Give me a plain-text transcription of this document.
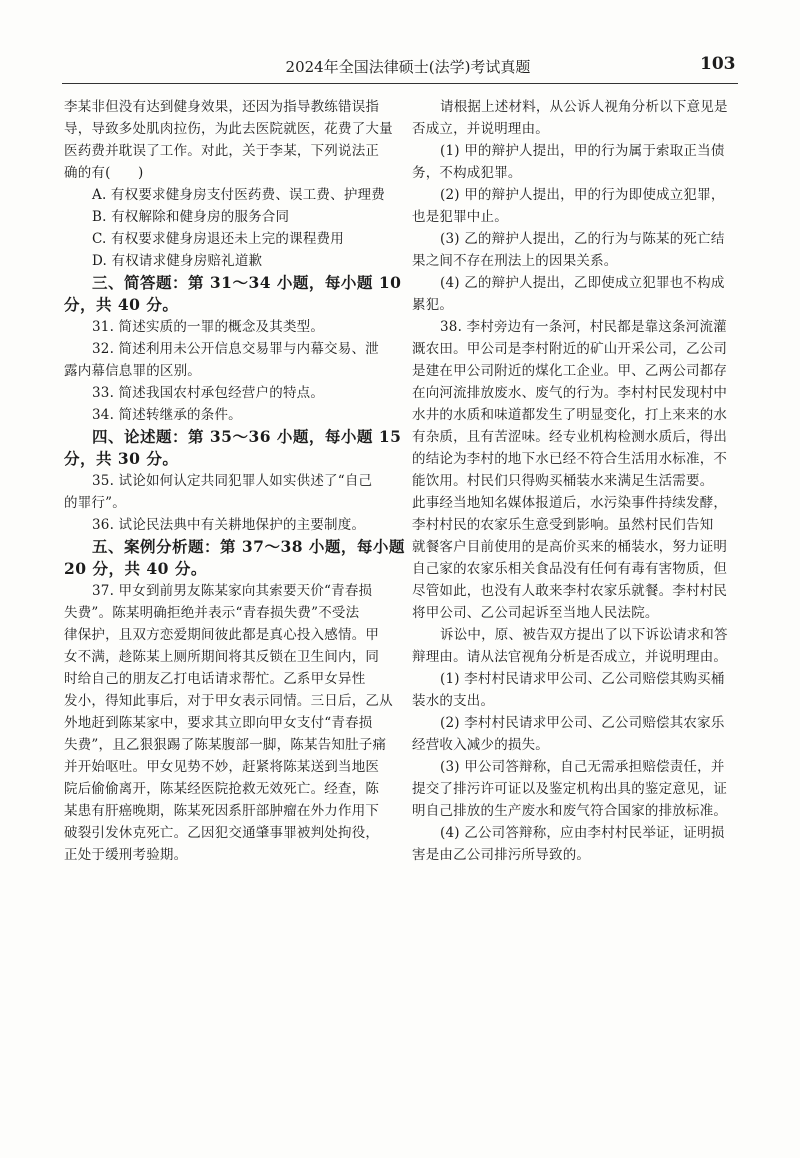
2024年全国法律硕士(法学)考试真题	103
李某非但没有达到健身效果，还因为指导教练错误指
导，导致多处肌肉拉伤，为此去医院就医，花费了大量
医药费并耽误了工作。对此，关于李某，下列说法正
确的有(　　)
A. 有权要求健身房支付医药费、误工费、护理费
B. 有权解除和健身房的服务合同
C. 有权要求健身房退还未上完的课程费用
D. 有权请求健身房赔礼道歉
三、简答题：第 31～34 小题，每小题 10
分，共 40 分。
31. 简述实质的一罪的概念及其类型。
32. 简述利用未公开信息交易罪与内幕交易、泄
露内幕信息罪的区别。
33. 简述我国农村承包经营户的特点。
34. 简述转继承的条件。
四、论述题：第 35～36 小题，每小题 15
分，共 30 分。
35. 试论如何认定共同犯罪人如实供述了“自己
的罪行”。
36. 试论民法典中有关耕地保护的主要制度。
五、案例分析题：第 37～38 小题，每小题
20 分，共 40 分。
37. 甲女到前男友陈某家向其索要天价“青春损
失费”。陈某明确拒绝并表示“青春损失费”不受法
律保护，且双方恋爱期间彼此都是真心投入感情。甲
女不满，趁陈某上厕所期间将其反锁在卫生间内，同
时给自己的朋友乙打电话请求帮忙。乙系甲女异性
发小，得知此事后，对于甲女表示同情。三日后，乙从
外地赶到陈某家中，要求其立即向甲女支付“青春损
失费”，且乙狠狠踢了陈某腹部一脚，陈某告知肚子痛
并开始呕吐。甲女见势不妙，赶紧将陈某送到当地医
院后偷偷离开，陈某经医院抢救无效死亡。经查，陈
某患有肝癌晚期，陈某死因系肝部肿瘤在外力作用下
破裂引发休克死亡。乙因犯交通肇事罪被判处拘役，
正处于缓刑考验期。
请根据上述材料，从公诉人视角分析以下意见是
否成立，并说明理由。
(1) 甲的辩护人提出，甲的行为属于索取正当债
务，不构成犯罪。
(2) 甲的辩护人提出，甲的行为即使成立犯罪，
也是犯罪中止。
(3) 乙的辩护人提出，乙的行为与陈某的死亡结
果之间不存在刑法上的因果关系。
(4) 乙的辩护人提出，乙即使成立犯罪也不构成
累犯。
38. 李村旁边有一条河，村民都是靠这条河流灌
溉农田。甲公司是李村附近的矿山开采公司，乙公司
是建在甲公司附近的煤化工企业。甲、乙两公司都存
在向河流排放废水、废气的行为。李村村民发现村中
水井的水质和味道都发生了明显变化，打上来来的水
有杂质，且有苦涩味。经专业机构检测水质后，得出
的结论为李村的地下水已经不符合生活用水标准，不
能饮用。村民们只得购买桶装水来满足生活需要。
此事经当地知名媒体报道后，水污染事件持续发酵，
李村村民的农家乐生意受到影响。虽然村民们告知
就餐客户目前使用的是高价买来的桶装水，努力证明
自己家的农家乐相关食品没有任何有毒有害物质，但
尽管如此，也没有人敢来李村农家乐就餐。李村村民
将甲公司、乙公司起诉至当地人民法院。
诉讼中，原、被告双方提出了以下诉讼请求和答
辩理由。请从法官视角分析是否成立，并说明理由。
(1) 李村村民请求甲公司、乙公司赔偿其购买桶
装水的支出。
(2) 李村村民请求甲公司、乙公司赔偿其农家乐
经营收入减少的损失。
(3) 甲公司答辩称，自己无需承担赔偿责任，并
提交了排污许可证以及鉴定机构出具的鉴定意见，证
明自己排放的生产废水和废气符合国家的排放标准。
(4) 乙公司答辩称，应由李村村民举证，证明损
害是由乙公司排污所导致的。
